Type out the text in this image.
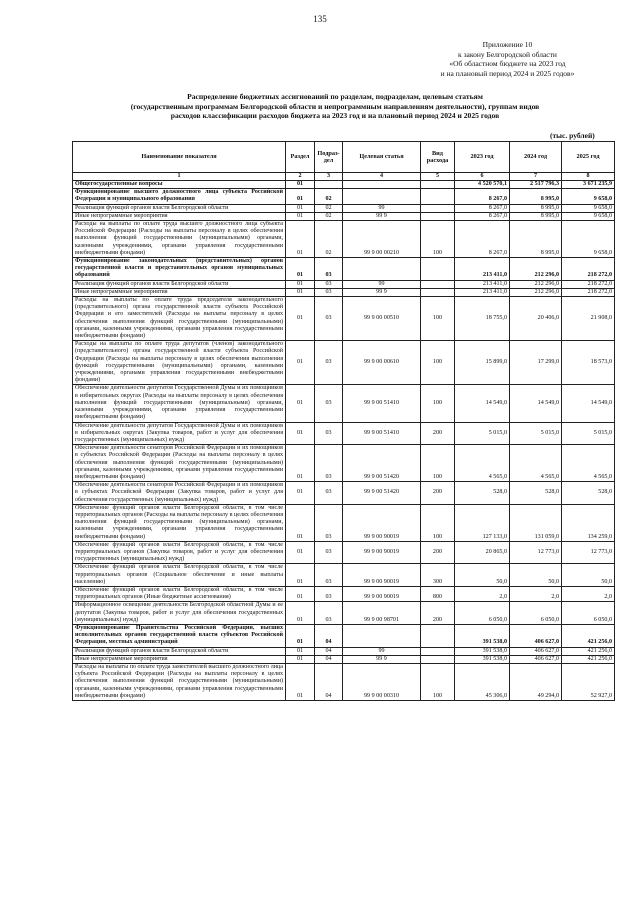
135
Приложение 10
к закону Белгородской области
«Об областном бюджете на 2023 год
и на плановый период 2024 и 2025 годов»
Распределение бюджетных ассигнований по разделам, подразделам, целевым статьям
(государственным программам Белгородской области и непрограммным направлениям деятельности), группам видов
расходов классификации расходов бюджета на 2023 год и на плановый период 2024 и 2025 годов
(тыс. рублей)
Наименование показателя	Раздел	Подраз-дел	Целевая статья	Вид расхода	2023 год	2024 год	2025 год
1	2	3	4	5	6	7	8
Общегосударственные вопросы	01				4 520 570,1	2 517 796,3	3 671 235,9
Функционирование высшего должностного лица субъекта Российской Федерации и муниципального образования	01	02			8 267,0	8 995,0	9 658,0
Реализация функций органов власти Белгородской области	01	02	99		8 267,0	8 995,0	9 658,0
Иные непрограммные мероприятия	01	02	99 9		8 267,0	8 995,0	9 658,0
Расходы на выплаты по оплате труда высшего должностного лица субъекта Российской Федерации (Расходы на выплаты персоналу в целях обеспечения выполнения функций государственными (муниципальными) органами, казенными учреждениями, органами управления государственными внебюджетными фондами)	01	02	99 9 00 00210	100	8 267,0	8 995,0	9 658,0
Функционирование законодательных (представительных) органов государственной власти и представительных органов муниципальных образований	01	03			213 411,0	212 296,0	218 272,0
Реализация функций органов власти Белгородской области	01	03	99		213 411,0	212 296,0	218 272,0
Иные непрограммные мероприятия	01	03	99 9		213 411,0	212 296,0	218 272,0
Расходы на выплаты по оплате труда председателя законодательного (представительного) органа государственной власти субъекта Российской Федерации и его заместителей (Расходы на выплаты персоналу в целях обеспечения выполнения функций государственными (муниципальными) органами, казенными учреждениями, органами управления государственными внебюджетными фондами)	01	03	99 9 00 00510	100	18 755,0	20 406,0	21 908,0
Расходы на выплаты по оплате труда депутатов (членов) законодательного (представительного) органа государственной власти субъекта Российской Федерации (Расходы на выплаты персоналу в целях обеспечения выполнения функций государственными (муниципальными) органами, казенными учреждениями, органами управления государственными внебюджетными фондами)	01	03	99 9 00 00610	100	15 899,0	17 299,0	18 573,0
Обеспечение деятельности депутатов Государственной Думы и их помощников в избирательных округах (Расходы на выплаты персоналу в целях обеспечения выполнения функций государственными (муниципальными) органами, казенными учреждениями, органами управления государственными внебюджетными фондами)	01	03	99 9 00 51410	100	14 549,0	14 549,0	14 549,0
Обеспечение деятельности депутатов Государственной Думы и их помощников в избирательных округах (Закупка товаров, работ и услуг для обеспечения государственных (муниципальных) нужд)	01	03	99 9 00 51410	200	5 015,0	5 015,0	5 015,0
Обеспечение деятельности сенаторов Российской Федерации и их помощников в субъектах Российской Федерации (Расходы на выплаты персоналу в целях обеспечения выполнения функций государственными (муниципальными) органами, казенными учреждениями, органами управления государственными внебюджетными фондами)	01	03	99 9 00 51420	100	4 565,0	4 565,0	4 565,0
Обеспечение деятельности сенаторов Российской Федерации и их помощников в субъектах Российской Федерации (Закупка товаров, работ и услуг для обеспечения государственных (муниципальных) нужд)	01	03	99 9 00 51420	200	528,0	528,0	528,0
Обеспечение функций органов власти Белгородской области, в том числе территориальных органов (Расходы на выплаты персоналу в целях обеспечения выполнения функций государственными (муниципальными) органами, казенными учреждениями, органами управления государственными внебюджетными фондами)	01	03	99 9 00 90019	100	127 133,0	131 059,0	134 259,0
Обеспечение функций органов власти Белгородской области, в том числе территориальных органов (Закупка товаров, работ и услуг для обеспечения государственных (муниципальных) нужд)	01	03	99 9 00 90019	200	20 865,0	12 773,0	12 773,0
Обеспечение функций органов власти Белгородской области, в том числе территориальных органов (Социальное обеспечение и иные выплаты населению)	01	03	99 9 00 90019	300	50,0	50,0	50,0
Обеспечение функций органов власти Белгородской области, в том числе территориальных органов (Иные бюджетные ассигнования)	01	03	99 9 00 90019	800	2,0	2,0	2,0
Информационное освещение деятельности Белгородской областной Думы и ее депутатов (Закупка товаров, работ и услуг для обеспечения государственных (муниципальных) нужд)	01	03	99 9 00 98701	200	6 050,0	6 050,0	6 050,0
Функционирование Правительства Российской Федерации, высших исполнительных органов государственной власти субъектов Российской Федерации, местных администраций	01	04			391 538,0	406 627,0	421 256,0
Реализация функций органов власти Белгородской области	01	04	99		391 538,0	406 627,0	421 256,0
Иные непрограммные мероприятия	01	04	99 9		391 538,0	406 627,0	421 256,0
Расходы на выплаты по оплате труда заместителей высшего должностного лица субъекта Российской Федерации (Расходы на выплаты персоналу в целях обеспечения выполнения функций государственными (муниципальными) органами, казенными учреждениями, органами управления государственными внебюджетными фондами)	01	04	99 9 00 00310	100	45 306,0	49 294,0	52 927,0
